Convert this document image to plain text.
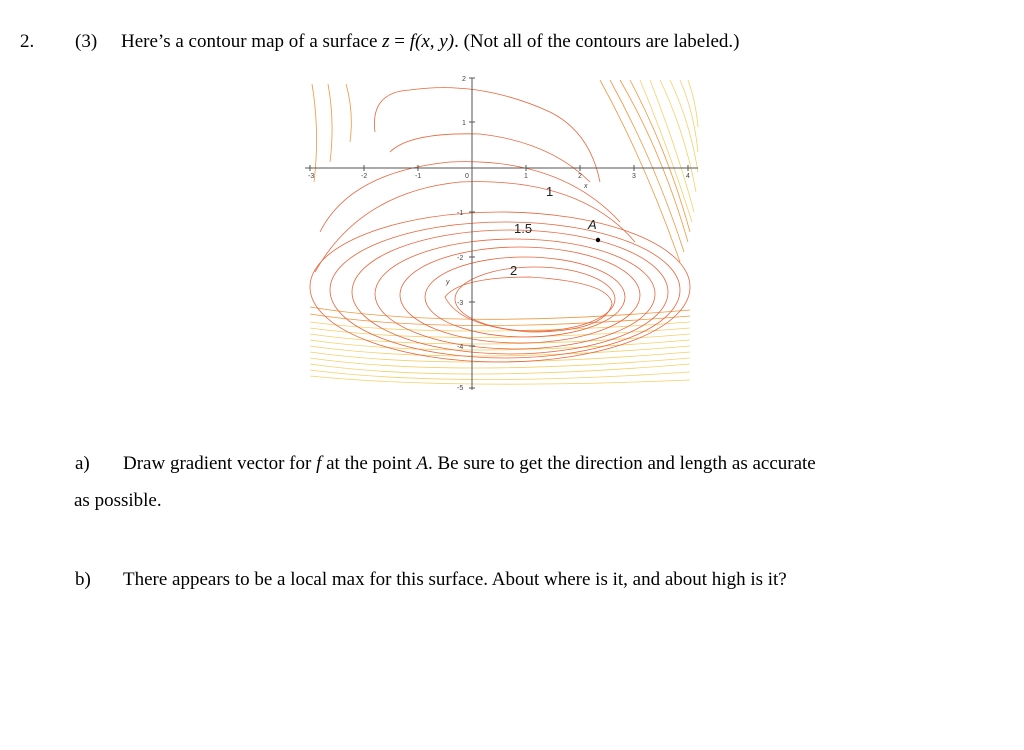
2. (3) Here’s a contour map of a surface z = f(x, y). (Not all of the contours are labeled.)
-3	-2	-1	0	1	2	3	4
2
1
-1
-2
-3
-4
-5
x
y
1
1.5
2
A
a) Draw gradient vector for f at the point A. Be sure to get the direction and length as accurate
as possible.
b) There appears to be a local max for this surface. About where is it, and about high is it?
